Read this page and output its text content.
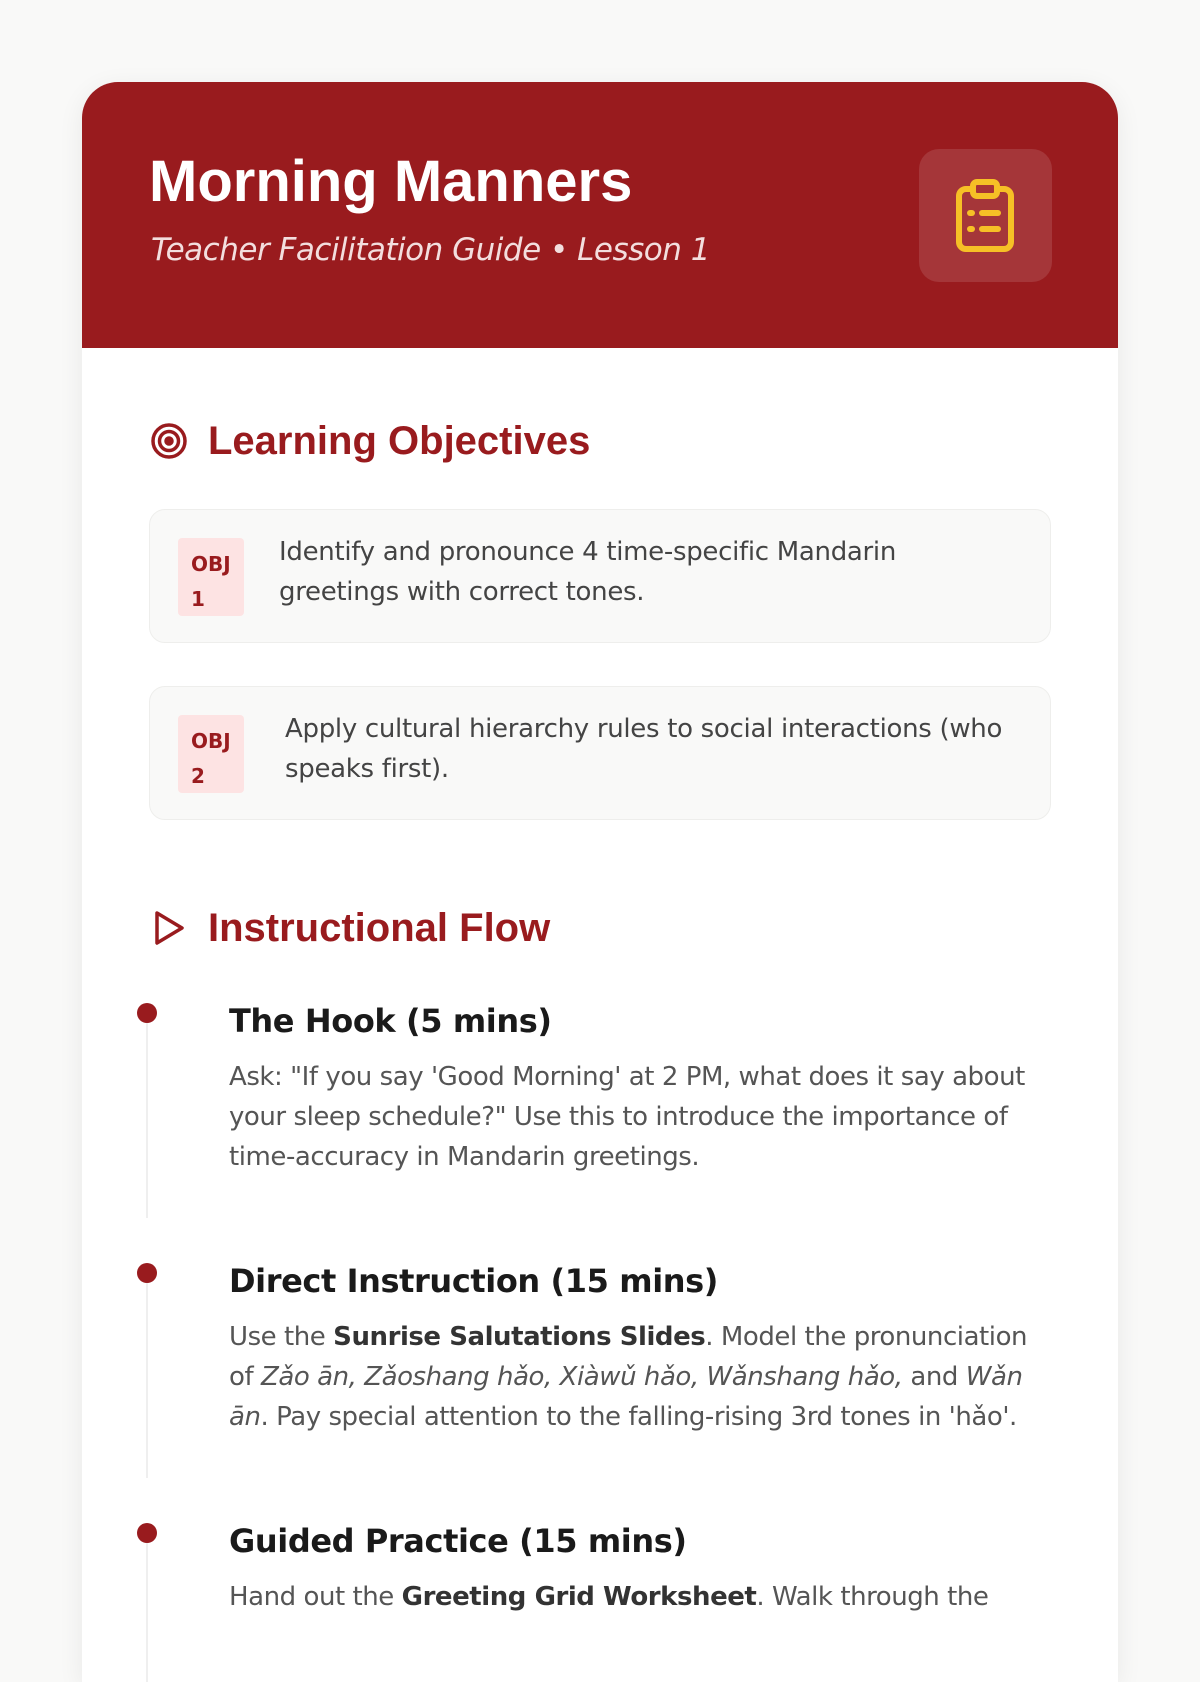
Morning Manners
Teacher Facilitation Guide • Lesson 1
Learning Objectives
OBJ
1
Identify and pronounce 4 time-specific Mandarin greetings with correct tones.
OBJ
2
Apply cultural hierarchy rules to social interactions (who speaks first).
Instructional Flow
The Hook (5 mins)
Ask: "If you say 'Good Morning' at 2 PM, what does it say about your sleep schedule?" Use this to introduce the importance of time-accuracy in Mandarin greetings.
Direct Instruction (15 mins)
Use the Sunrise Salutations Slides. Model the pronunciation of Zǎo ān, Zǎoshang hǎo, Xiàwǔ hǎo, Wǎnshang hǎo, and Wǎn ān. Pay special attention to the falling-rising 3rd tones in 'hǎo'.
Guided Practice (15 mins)
Hand out the Greeting Grid Worksheet. Walk through the
